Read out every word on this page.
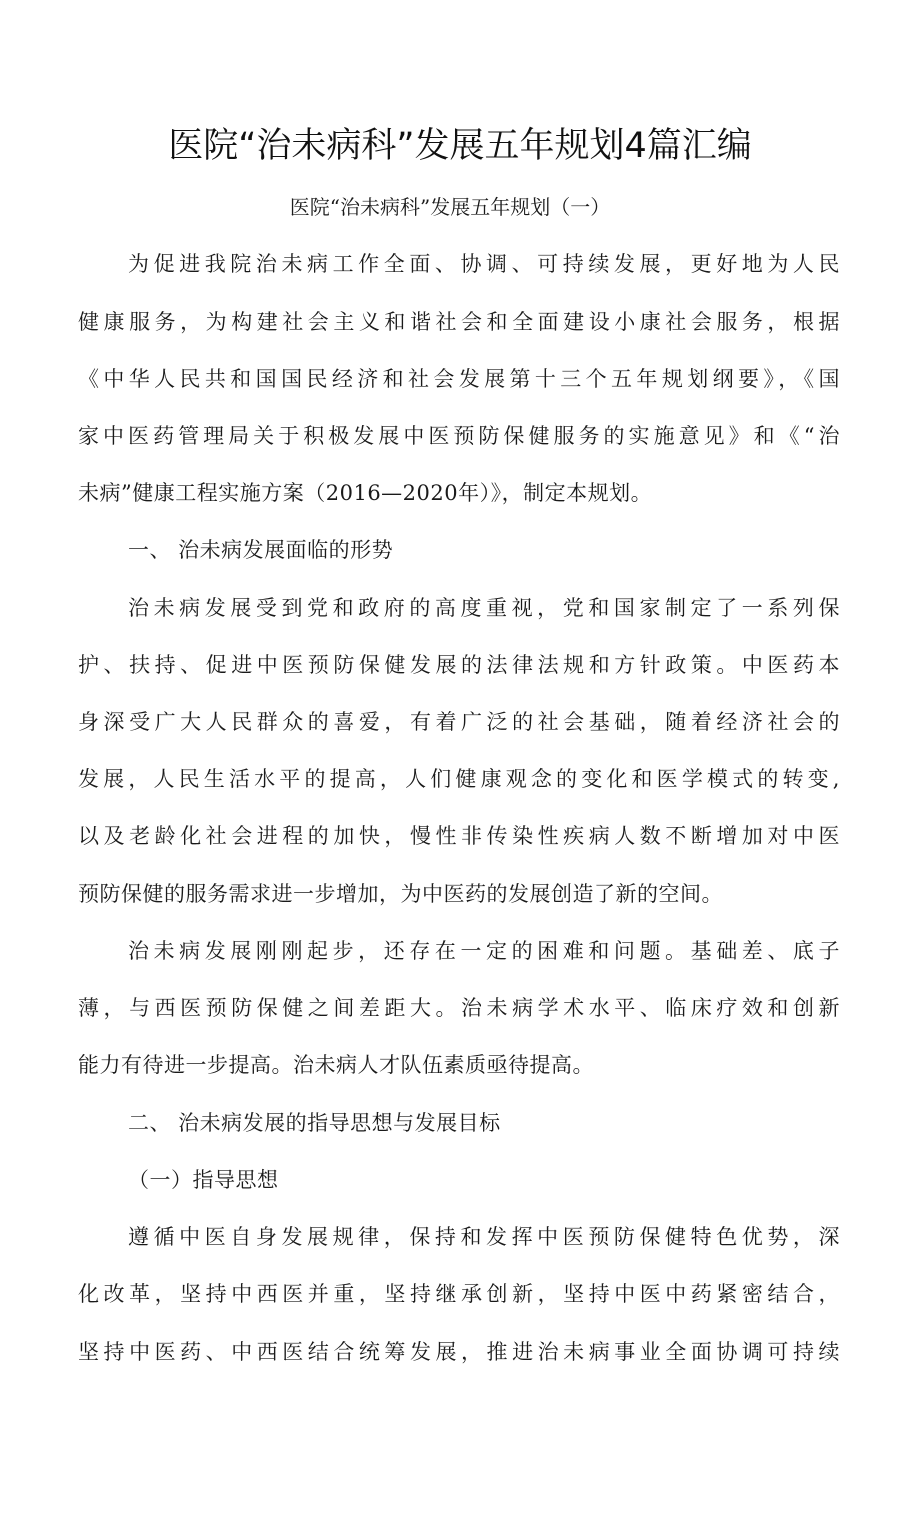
医院“治未病科”发展五年规划4篇汇编
医院“治未病科”发展五年规划（一）
为促进我院治未病工作全面、协调、可持续发展，更好地为人民
健康服务，为构建社会主义和谐社会和全面建设小康社会服务，根据
《中华人民共和国国民经济和社会发展第十三个五年规划纲要》，《国
家中医药管理局关于积极发展中医预防保健服务的实施意见》和《“治
未病”健康工程实施方案（2016—2020年）》，制定本规划。
一、 治未病发展面临的形势
治未病发展受到党和政府的高度重视，党和国家制定了一系列保
护、扶持、促进中医预防保健发展的法律法规和方针政策。中医药本
身深受广大人民群众的喜爱，有着广泛的社会基础，随着经济社会的
发展，人民生活水平的提高，人们健康观念的变化和医学模式的转变,
以及老龄化社会进程的加快，慢性非传染性疾病人数不断增加对中医
预防保健的服务需求进一步增加，为中医药的发展创造了新的空间。
治未病发展刚刚起步，还存在一定的困难和问题。基础差、底子
薄，与西医预防保健之间差距大。治未病学术水平、临床疗效和创新
能力有待进一步提高。治未病人才队伍素质亟待提高。
二、 治未病发展的指导思想与发展目标
（一）指导思想
遵循中医自身发展规律，保持和发挥中医预防保健特色优势，深
化改革，坚持中西医并重，坚持继承创新，坚持中医中药紧密结合，
坚持中医药、中西医结合统筹发展，推进治未病事业全面协调可持续
